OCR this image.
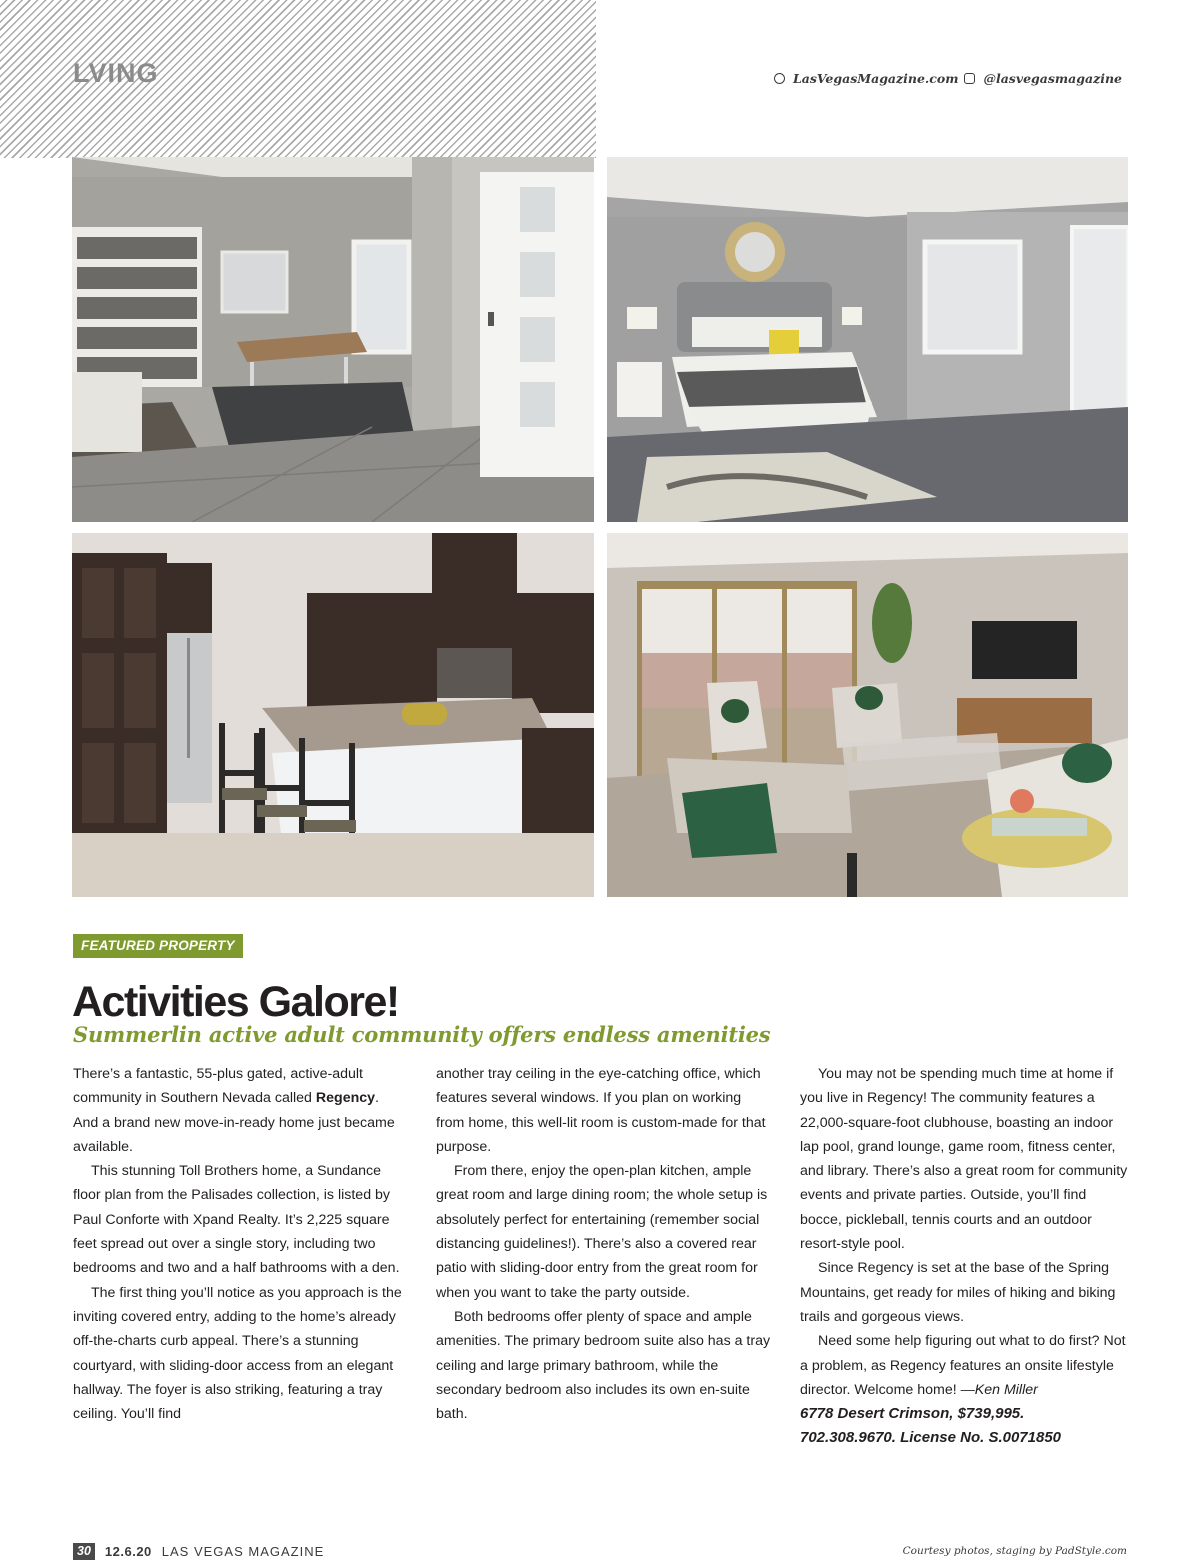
LVING	LasVegasMagazine.com @lasvegasmagazine
FEATURED PROPERTY
Activities Galore!
Summerlin active adult community offers endless amenities

There’s a fantastic, 55-plus gated, active-adult community in Southern Nevada called Regency. And a brand new move-in-ready home just became available.

This stunning Toll Brothers home, a Sundance floor plan from the Palisades collection, is listed by Paul Conforte with Xpand Realty. It’s 2,225 square feet spread out over a single story, including two bedrooms and two and a half bathrooms with a den.

The first thing you’ll notice as you approach is the inviting covered entry, adding to the home’s already off-the-charts curb appeal. There’s a stunning courtyard, with sliding-door access from an elegant hallway. The foyer is also striking, featuring a tray ceiling. You’ll find

another tray ceiling in the eye-catching office, which features several windows. If you plan on working from home, this well-lit room is custom-made for that purpose.

From there, enjoy the open-plan kitchen, ample great room and large dining room; the whole setup is absolutely perfect for entertaining (remember social distancing guidelines!). There’s also a covered rear patio with sliding-door entry from the great room for when you want to take the party outside.

Both bedrooms offer plenty of space and ample amenities. The primary bedroom suite also has a tray ceiling and large primary bathroom, while the secondary bedroom also includes its own en-suite bath.

You may not be spending much time at home if you live in Regency! The community features a 22,000-square-foot clubhouse, boasting an indoor lap pool, grand lounge, game room, fitness center, and library. There’s also a great room for community events and private parties. Outside, you’ll find bocce, pickleball, tennis courts and an outdoor resort-style pool.

Since Regency is set at the base of the Spring Mountains, get ready for miles of hiking and biking trails and gorgeous views.

Need some help figuring out what to do first? Not a problem, as Regency features an onsite lifestyle director. Welcome home! —Ken Miller

6778 Desert Crimson, $739,995.

702.308.9670. License No. S.0071850

30	12.6.20 LAS VEGAS MAGAZINE	Courtesy photos, staging by PadStyle.com
